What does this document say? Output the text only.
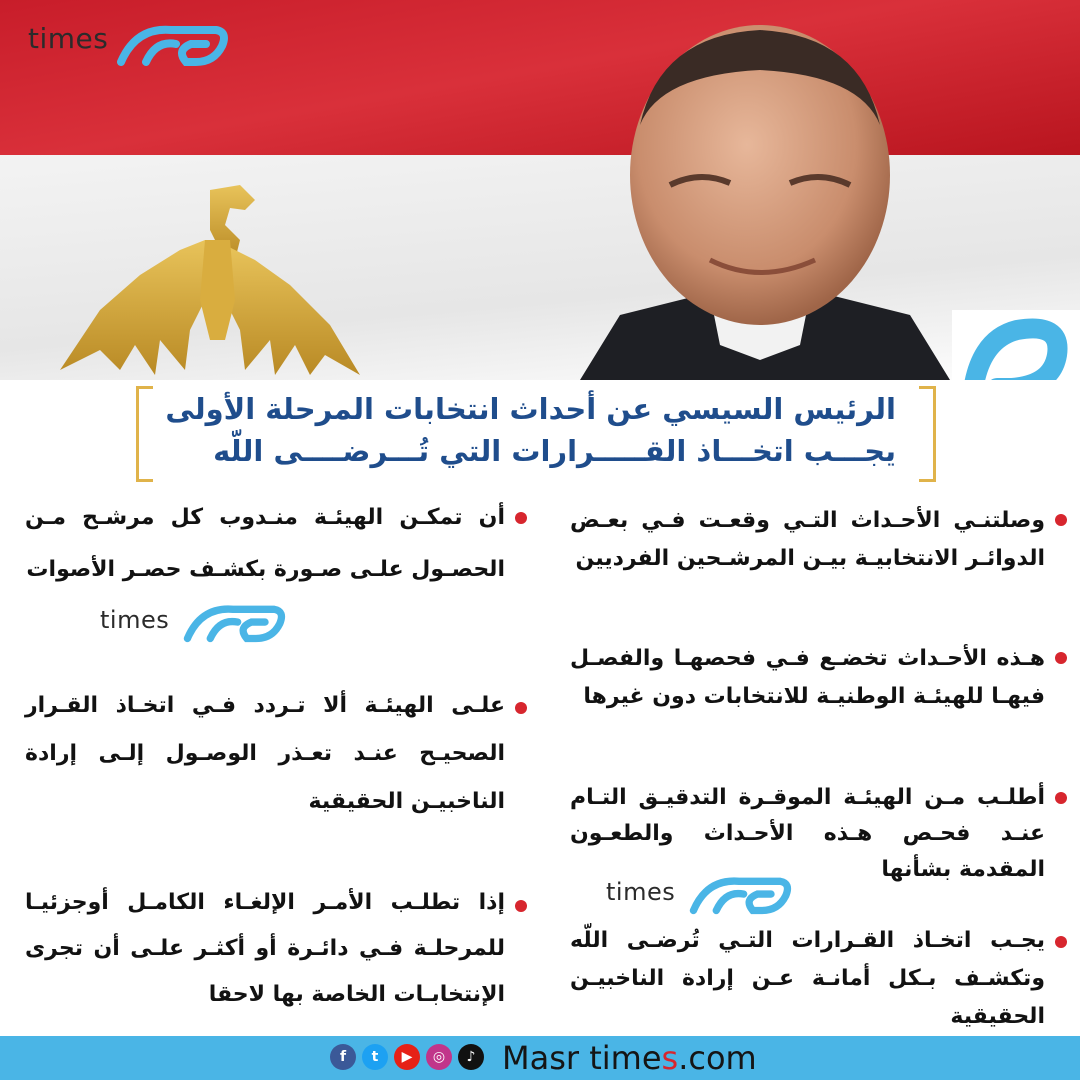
times
الرئيس السيسي عن أحداث انتخابات المرحلة الأولى
يجـــب اتخـــاذ القـــــرارات التي تُـــرضــــى اللّه
وصلتنـي الأحـداث التـي وقعـت فـي بعـض الدوائـر الانتخابيـة بيـن المرشـحين الفرديين
هـذه الأحـداث تخضـع فـي فحصهـا والفصـل فيهـا للهيئـة الوطنيـة للانتخابات دون غيرها
أطلـب مـن الهيئـة الموقـرة التدقيـق التـام عنـد فحـص هـذه الأحـداث والطعـون المقدمة بشأنها
يجـب اتخـاذ القـرارات التـي تُرضـى اللّه وتكشـف بـكل أمانـة عـن إرادة الناخبيـن الحقيقية
times
أن تمكـن الهيئـة منـدوب كل مرشـح مـن الحصـول علـى صـورة بكشـف حصـر الأصوات
علـى الهيئـة ألا تـردد فـي اتخـاذ القـرار الصحيـح عنـد تعـذر الوصـول إلـى إرادة الناخبيـن الحقيقية
إذا تطلـب الأمـر الإلغـاء الكامـل أوجزئيـا للمرحلـة فـي دائـرة أو أكثـر علـى أن تجرى الإنتخابـات الخاصة بها لاحقا
times
f	t	▶	◎	♪ Masr times.com
